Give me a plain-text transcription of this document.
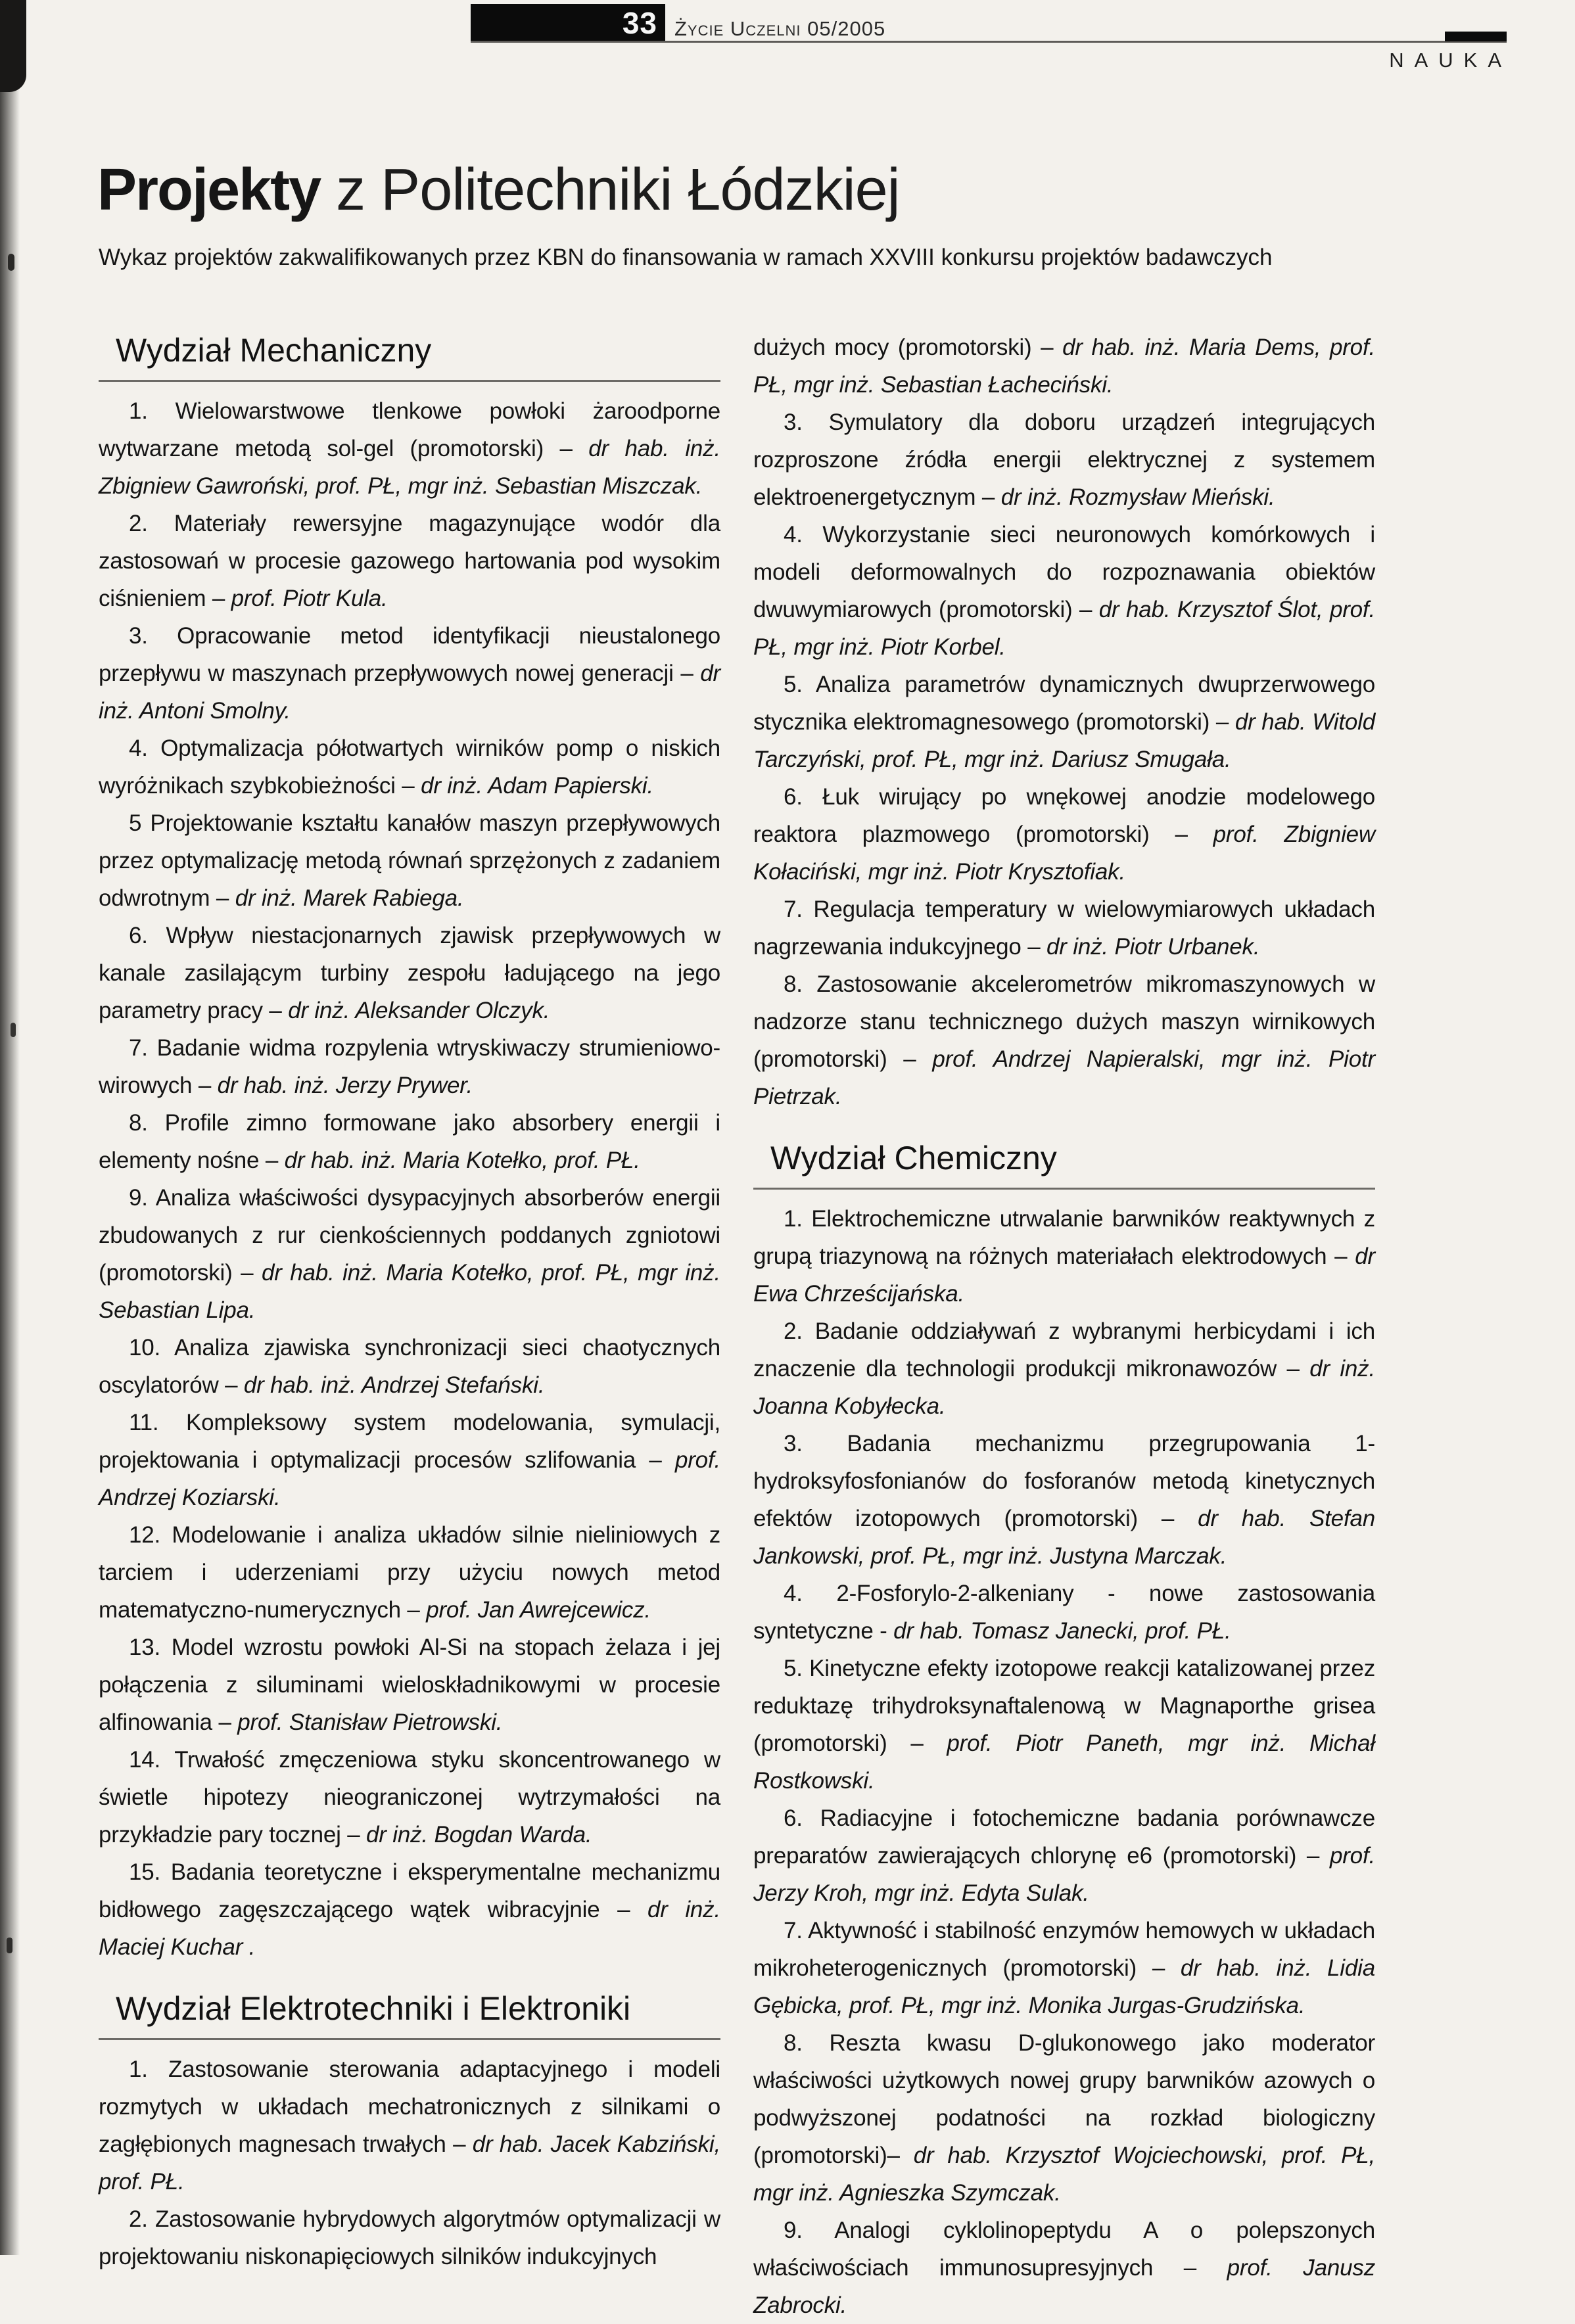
33 Życie Uczelni 05/2005
NAUKA
Projekty z Politechniki Łódzkiej
Wykaz projektów zakwalifikowanych przez KBN do finansowania w ramach XXVIII konkursu projektów badawczych
Wydział Mechaniczny

1. Wielowarstwowe tlenkowe powłoki żaroodporne wytwarzane metodą sol-gel (promotorski) – dr hab. inż. Zbigniew Gawroński, prof. PŁ, mgr inż. Sebastian Miszczak.

2. Materiały rewersyjne magazynujące wodór dla zastosowań w procesie gazowego hartowania pod wysokim ciśnieniem – prof. Piotr Kula.

3. Opracowanie metod identyfikacji nieustalonego przepływu w maszynach przepływowych nowej generacji – dr inż. Antoni Smolny.

4. Optymalizacja półotwartych wirników pomp o niskich wyróżnikach szybkobieżności – dr inż. Adam Papierski.

5 Projektowanie kształtu kanałów maszyn przepływowych przez optymalizację metodą równań sprzężonych z zadaniem odwrotnym – dr inż. Marek Rabiega.

6. Wpływ niestacjonarnych zjawisk przepływowych w kanale zasilającym turbiny zespołu ładującego na jego parametry pracy – dr inż. Aleksander Olczyk.

7. Badanie widma rozpylenia wtryskiwaczy strumieniowo-wirowych – dr hab. inż. Jerzy Prywer.

8. Profile zimno formowane jako absorbery energii i elementy nośne – dr hab. inż. Maria Kotełko, prof. PŁ.

9. Analiza właściwości dysypacyjnych absorberów energii zbudowanych z rur cienkościennych poddanych zgniotowi (promotorski) – dr hab. inż. Maria Kotełko, prof. PŁ, mgr inż. Sebastian Lipa.

10. Analiza zjawiska synchronizacji sieci chaotycznych oscylatorów – dr hab. inż. Andrzej Stefański.

11. Kompleksowy system modelowania, symulacji, projektowania i optymalizacji procesów szlifowania – prof. Andrzej Koziarski.

12. Modelowanie i analiza układów silnie nieliniowych z tarciem i uderzeniami przy użyciu nowych metod matematyczno-numerycznych – prof. Jan Awrejcewicz.

13. Model wzrostu powłoki Al-Si na stopach żelaza i jej połączenia z siluminami wieloskładnikowymi w procesie alfinowania – prof. Stanisław Pietrowski.

14. Trwałość zmęczeniowa styku skoncentrowanego w świetle hipotezy nieograniczonej wytrzymałości na przykładzie pary tocznej – dr inż. Bogdan Warda.

15. Badania teoretyczne i eksperymentalne mechanizmu bidłowego zagęszczającego wątek wibracyjnie – dr inż. Maciej Kuchar .

Wydział Elektrotechniki i Elektroniki

1. Zastosowanie sterowania adaptacyjnego i modeli rozmytych w układach mechatronicznych z silnikami o zagłębionych magnesach trwałych – dr hab. Jacek Kabziński, prof. PŁ.

2. Zastosowanie hybrydowych algorytmów optymalizacji w projektowaniu niskonapięciowych silników indukcyjnych

dużych mocy (promotorski) – dr hab. inż. Maria Dems, prof. PŁ, mgr inż. Sebastian Łacheciński.

3. Symulatory dla doboru urządzeń integrujących rozproszone źródła energii elektrycznej z systemem elektroenergetycznym – dr inż. Rozmysław Mieński.

4. Wykorzystanie sieci neuronowych komórkowych i modeli deformowalnych do rozpoznawania obiektów dwuwymiarowych (promotorski) – dr hab. Krzysztof Ślot, prof. PŁ, mgr inż. Piotr Korbel.

5. Analiza parametrów dynamicznych dwuprzerwowego stycznika elektromagnesowego (promotorski) – dr hab. Witold Tarczyński, prof. PŁ, mgr inż. Dariusz Smugała.

6. Łuk wirujący po wnękowej anodzie modelowego reaktora plazmowego (promotorski) – prof. Zbigniew Kołaciński, mgr inż. Piotr Krysztofiak.

7. Regulacja temperatury w wielowymiarowych układach nagrzewania indukcyjnego – dr inż. Piotr Urbanek.

8. Zastosowanie akcelerometrów mikromaszynowych w nadzorze stanu technicznego dużych maszyn wirnikowych (promotorski) – prof. Andrzej Napieralski, mgr inż. Piotr Pietrzak.

Wydział Chemiczny

1. Elektrochemiczne utrwalanie barwników reaktywnych z grupą triazynową na różnych materiałach elektrodowych – dr Ewa Chrześcijańska.

2. Badanie oddziaływań z wybranymi herbicydami i ich znaczenie dla technologii produkcji mikronawozów – dr inż. Joanna Kobyłecka.

3. Badania mechanizmu przegrupowania 1-hydroksyfosfonianów do fosforanów metodą kinetycznych efektów izotopowych (promotorski) – dr hab. Stefan Jankowski, prof. PŁ, mgr inż. Justyna Marczak.

4. 2-Fosforylo-2-alkeniany - nowe zastosowania syntetyczne - dr hab. Tomasz Janecki, prof. PŁ.

5. Kinetyczne efekty izotopowe reakcji katalizowanej przez reduktazę trihydroksynaftalenową w Magnaporthe grisea (promotorski) – prof. Piotr Paneth, mgr inż. Michał Rostkowski.

6. Radiacyjne i fotochemiczne badania porównawcze preparatów zawierających chlorynę e6 (promotorski) – prof. Jerzy Kroh, mgr inż. Edyta Sulak.

7. Aktywność i stabilność enzymów hemowych w układach mikroheterogenicznych (promotorski) – dr hab. inż. Lidia Gębicka, prof. PŁ, mgr inż. Monika Jurgas-Grudzińska.

8. Reszta kwasu D-glukonowego jako moderator właściwości użytkowych nowej grupy barwników azowych o podwyższonej podatności na rozkład biologiczny (promotorski)– dr hab. Krzysztof Wojciechowski, prof. PŁ, mgr inż. Agnieszka Szymczak.

9. Analogi cyklolinopeptydu A o polepszonych właściwościach immunosupresyjnych – prof. Janusz Zabrocki.
